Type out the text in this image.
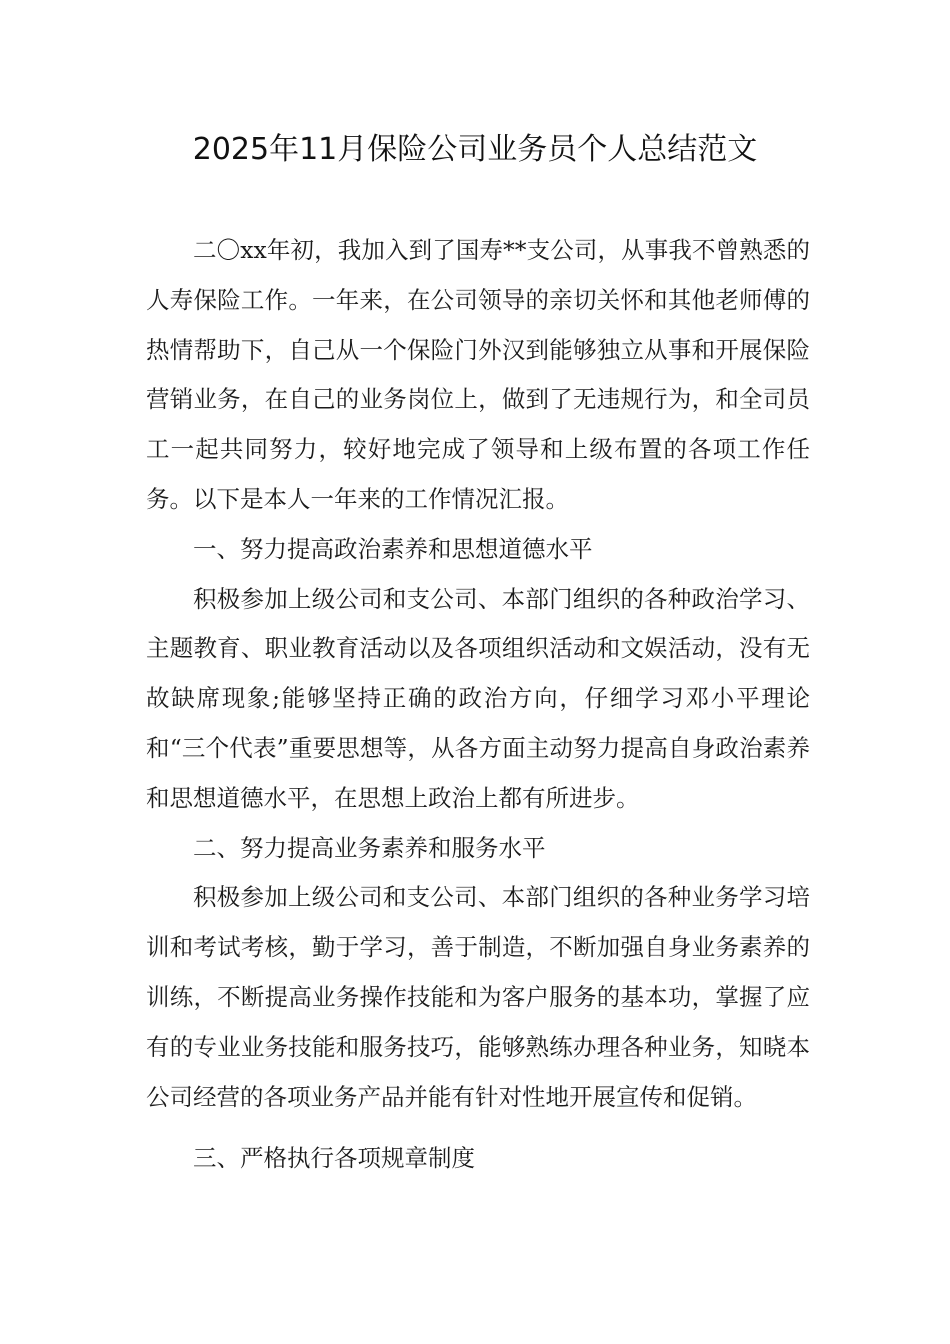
2025年11月保险公司业务员个人总结范文

二〇xx年初，我加入到了国寿**支公司，从事我不曾熟悉的人寿保险工作。一年来，在公司领导的亲切关怀和其他老师傅的热情帮助下，自己从一个保险门外汉到能够独立从事和开展保险营销业务，在自己的业务岗位上，做到了无违规行为，和全司员工一起共同努力，较好地完成了领导和上级布置的各项工作任务。以下是本人一年来的工作情况汇报。

一、努力提高政治素养和思想道德水平

积极参加上级公司和支公司、本部门组织的各种政治学习、主题教育、职业教育活动以及各项组织活动和文娱活动，没有无故缺席现象;能够坚持正确的政治方向，仔细学习邓小平理论和“三个代表”重要思想等，从各方面主动努力提高自身政治素养和思想道德水平，在思想上政治上都有所进步。

二、努力提高业务素养和服务水平

积极参加上级公司和支公司、本部门组织的各种业务学习培训和考试考核，勤于学习，善于制造，不断加强自身业务素养的训练，不断提高业务操作技能和为客户服务的基本功，掌握了应有的专业业务技能和服务技巧，能够熟练办理各种业务，知晓本公司经营的各项业务产品并能有针对性地开展宣传和促销。

三、严格执行各项规章制度
